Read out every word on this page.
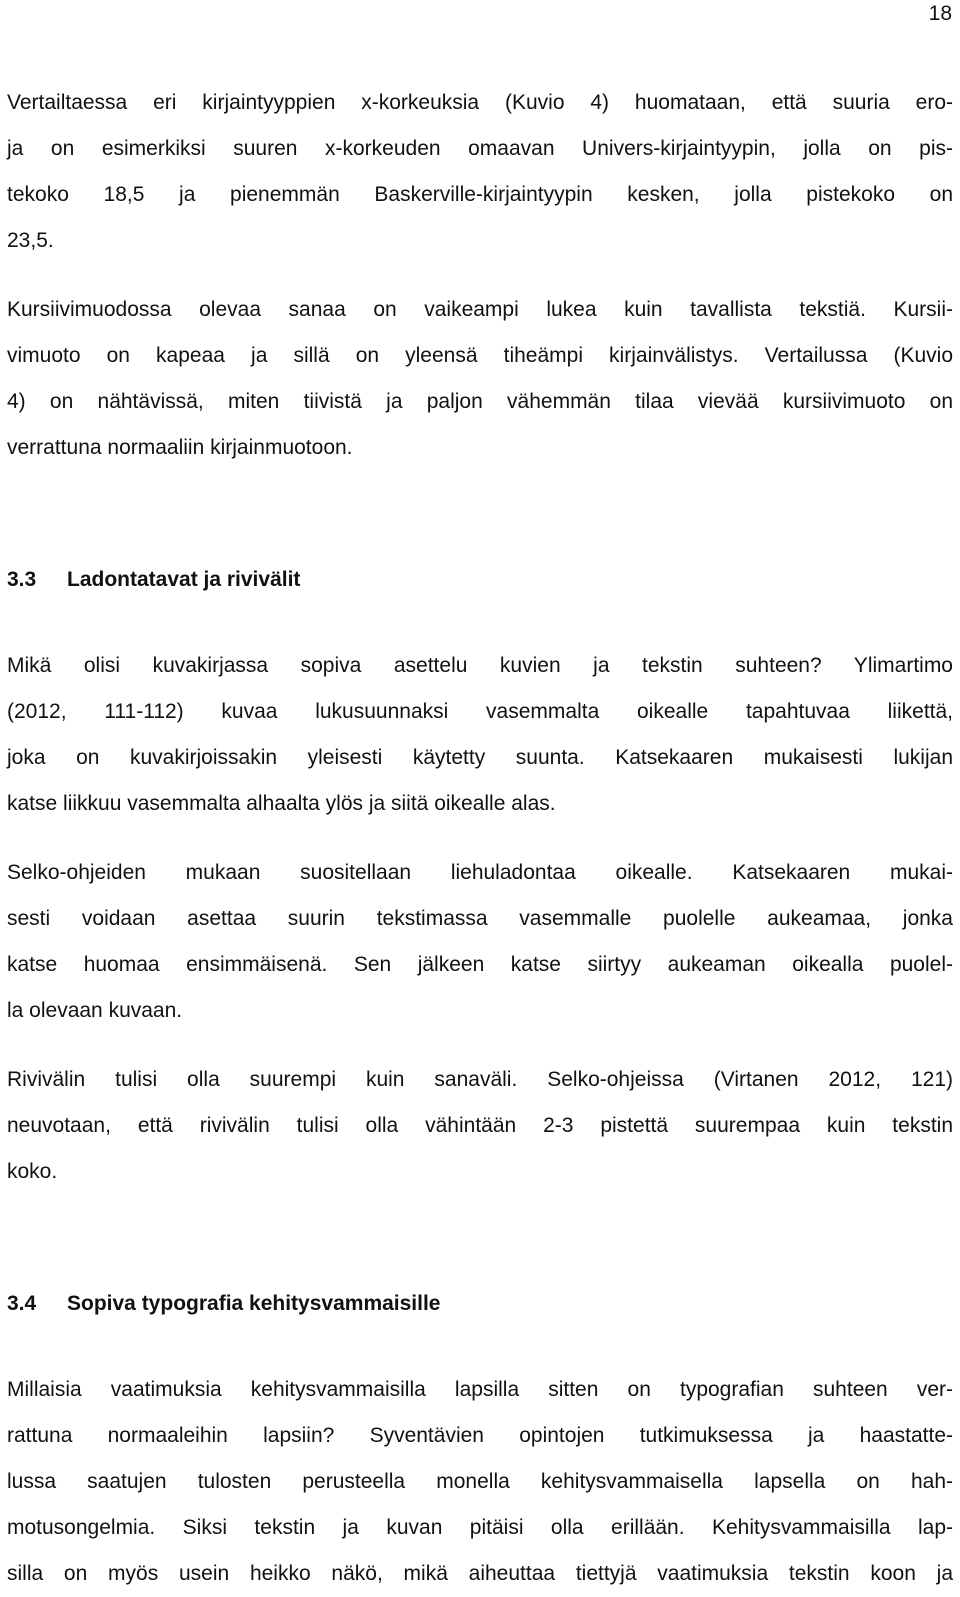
18

Vertailtaessa eri kirjaintyyppien x-korkeuksia (Kuvio 4) huomataan, että suuria ero-
ja on esimerkiksi suuren x-korkeuden omaavan Univers-kirjaintyypin, jolla on pis-
tekoko 18,5 ja pienemmän Baskerville-kirjaintyypin kesken, jolla pistekoko on
23,5.

Kursiivimuodossa olevaa sanaa on vaikeampi lukea kuin tavallista tekstiä. Kursii-
vimuoto on kapeaa ja sillä on yleensä tiheämpi kirjainvälistys. Vertailussa (Kuvio
4) on nähtävissä, miten tiivistä ja paljon vähemmän tilaa vievää kursiivimuoto on
verrattuna normaaliin kirjainmuotoon.

3.3 Ladontatavat ja rivivälit

Mikä olisi kuvakirjassa sopiva asettelu kuvien ja tekstin suhteen? Ylimartimo
(2012, 111-112) kuvaa lukusuunnaksi vasemmalta oikealle tapahtuvaa liikettä,
joka on kuvakirjoissakin yleisesti käytetty suunta. Katsekaaren mukaisesti lukijan
katse liikkuu vasemmalta alhaalta ylös ja siitä oikealle alas.

Selko-ohjeiden mukaan suositellaan liehuladontaa oikealle. Katsekaaren mukai-
sesti voidaan asettaa suurin tekstimassa vasemmalle puolelle aukeamaa, jonka
katse huomaa ensimmäisenä. Sen jälkeen katse siirtyy aukeaman oikealla puolel-
la olevaan kuvaan.

Rivivälin tulisi olla suurempi kuin sanaväli. Selko-ohjeissa (Virtanen 2012, 121)
neuvotaan, että rivivälin tulisi olla vähintään 2-3 pistettä suurempaa kuin tekstin
koko.

3.4 Sopiva typografia kehitysvammaisille

Millaisia vaatimuksia kehitysvammaisilla lapsilla sitten on typografian suhteen ver-
rattuna normaaleihin lapsiin? Syventävien opintojen tutkimuksessa ja haastatte-
lussa saatujen tulosten perusteella monella kehitysvammaisella lapsella on hah-
motusongelmia. Siksi tekstin ja kuvan pitäisi olla erillään. Kehitysvammaisilla lap-
silla on myös usein heikko näkö, mikä aiheuttaa tiettyjä vaatimuksia tekstin koon ja
